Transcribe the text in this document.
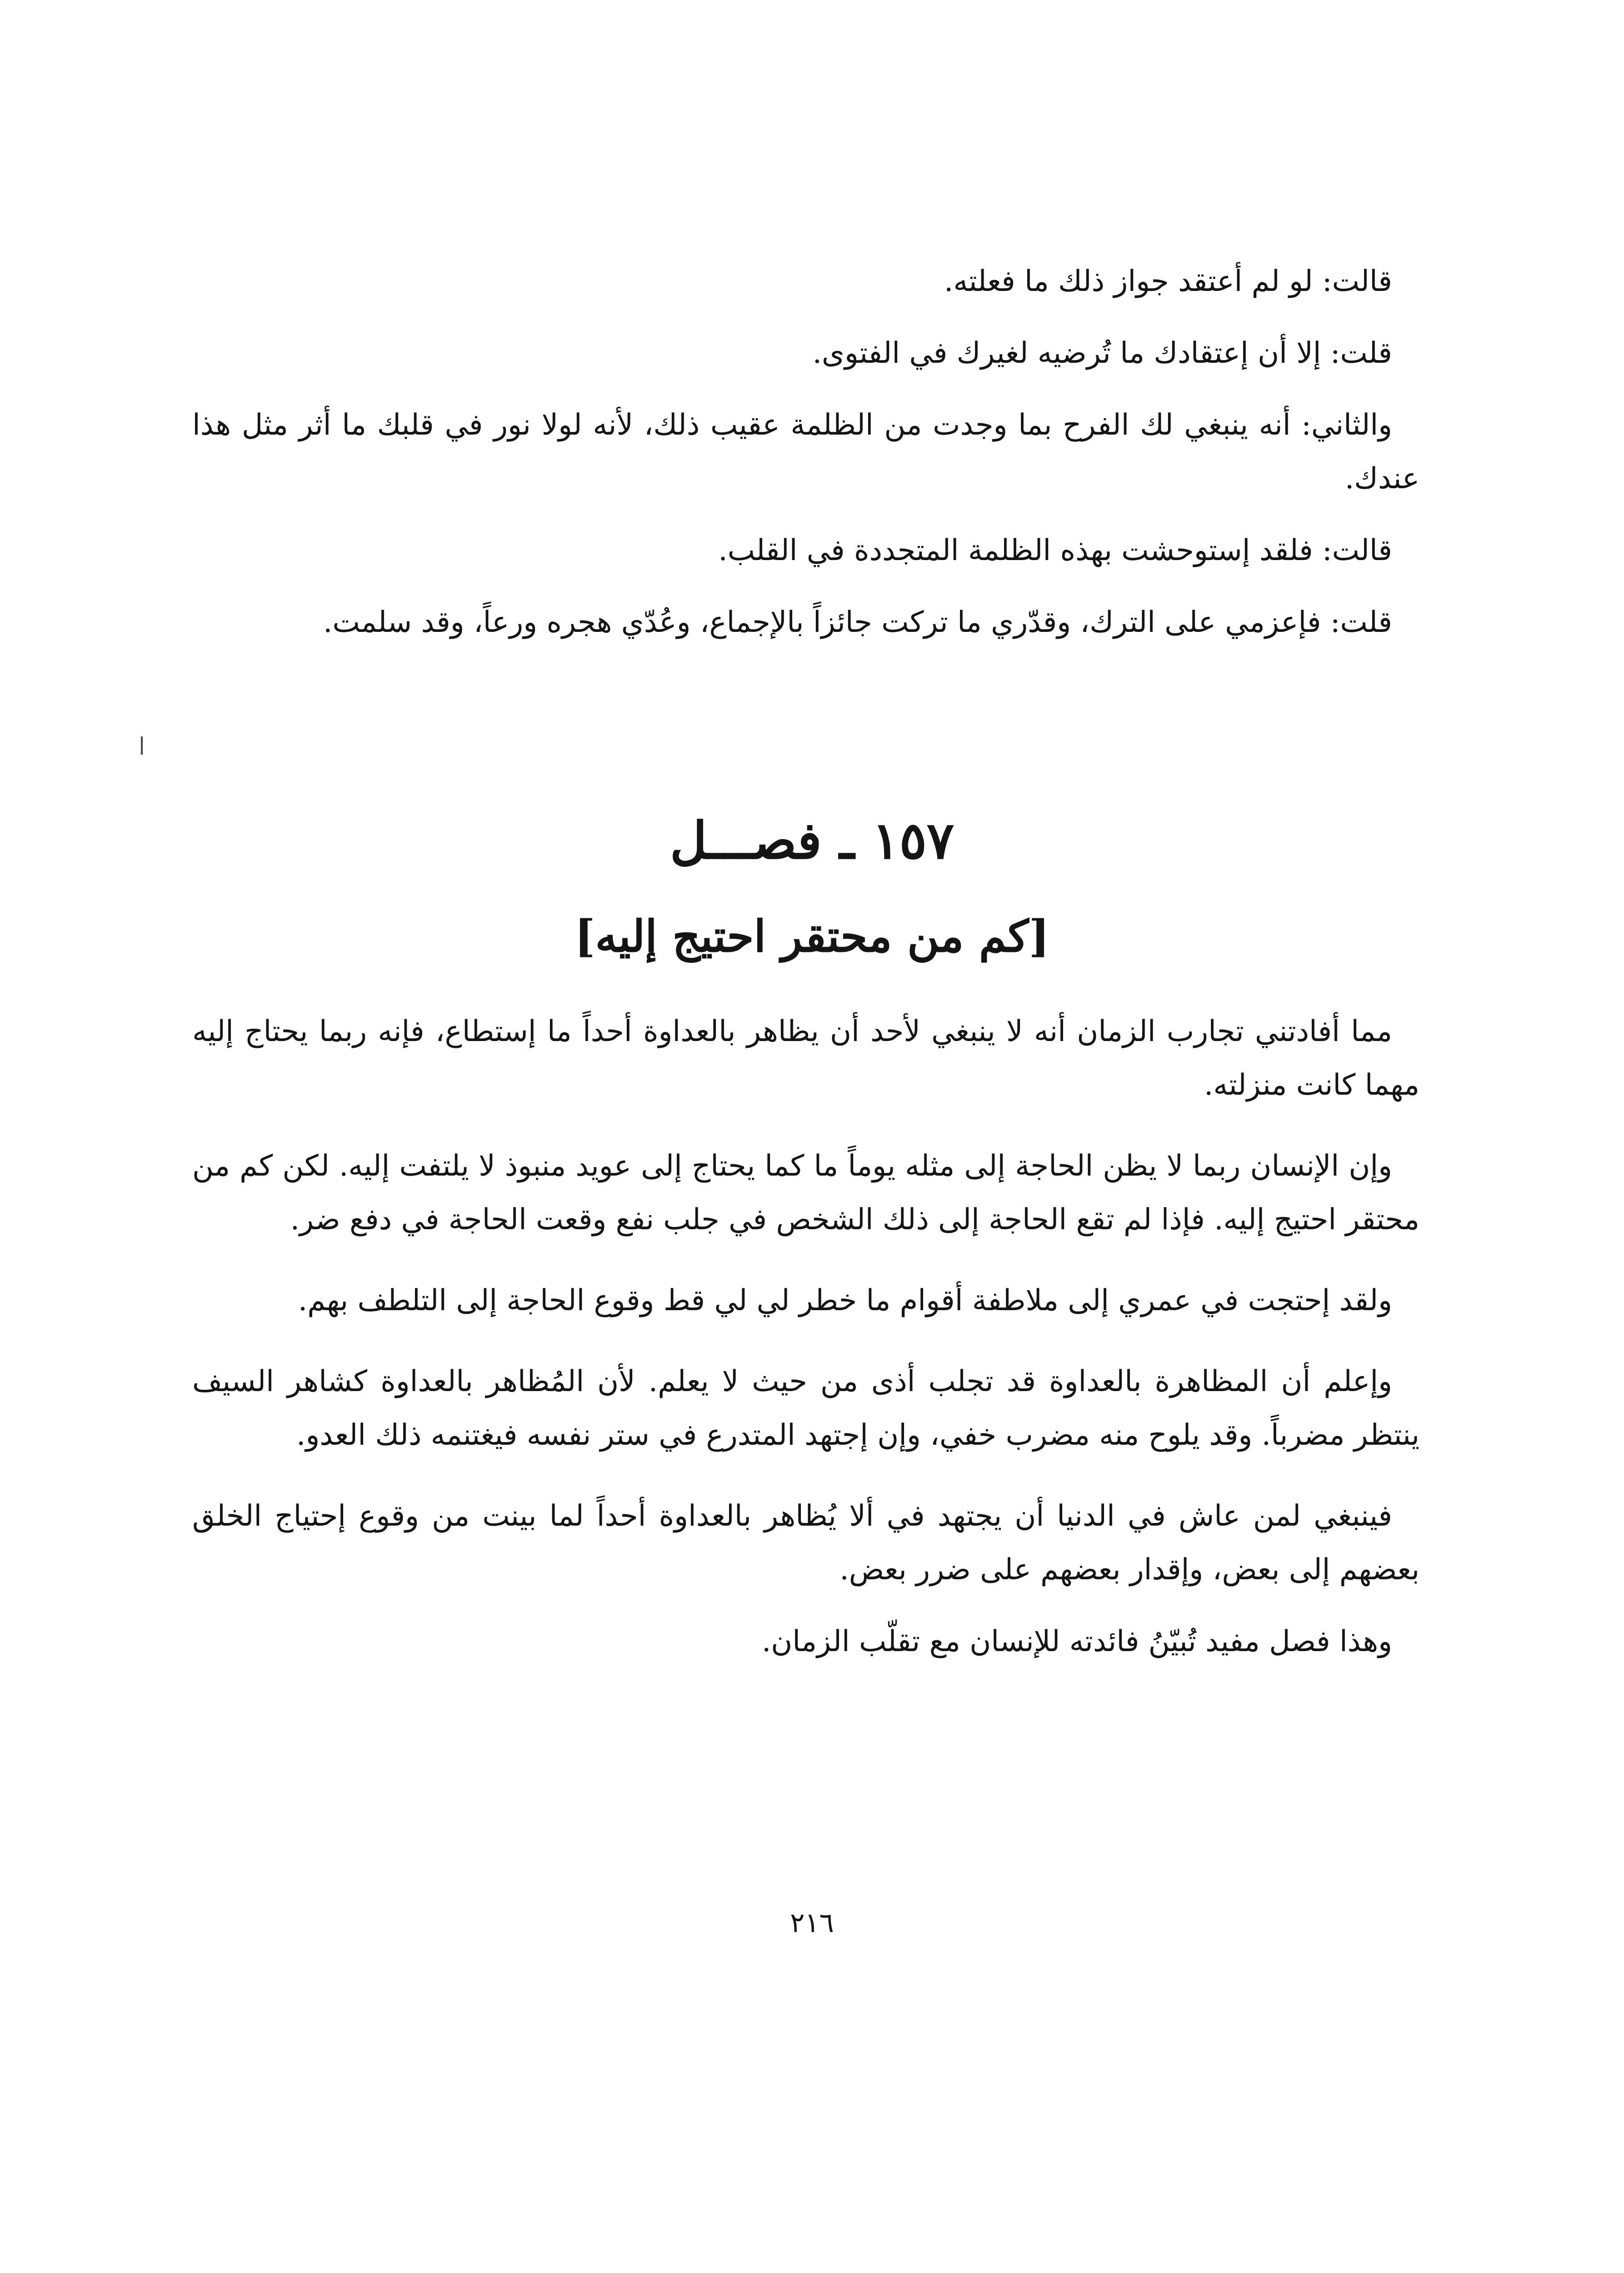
قالت: لو لم أعتقد جواز ذلك ما فعلته.

قلت: إلا أن إعتقادك ما تُرضيه لغيرك في الفتوى.

والثاني: أنه ينبغي لك الفرح بما وجدت من الظلمة عقيب ذلك، لأنه لولا نور في قلبك ما أثر مثل هذا عندك.

قالت: فلقد إستوحشت بهذه الظلمة المتجددة في القلب.

قلت: فإعزمي على الترك، وقدّري ما تركت جائزاً بالإجماع، وعُدّي هجره ورعاً، وقد سلمت.

١٥٧ ـ فصـــل
[كم من محتقر احتيج إليه]

مما أفادتني تجارب الزمان أنه لا ينبغي لأحد أن يظاهر بالعداوة أحداً ما إستطاع، فإنه ربما يحتاج إليه مهما كانت منزلته.

وإن الإنسان ربما لا يظن الحاجة إلى مثله يوماً ما كما يحتاج إلى عويد منبوذ لا يلتفت إليه. لكن كم من محتقر احتيج إليه. فإذا لم تقع الحاجة إلى ذلك الشخص في جلب نفع وقعت الحاجة في دفع ضر.

ولقد إحتجت في عمري إلى ملاطفة أقوام ما خطر لي لي قط وقوع الحاجة إلى التلطف بهم.

وإعلم أن المظاهرة بالعداوة قد تجلب أذى من حيث لا يعلم. لأن المُظاهر بالعداوة كشاهر السيف ينتظر مضرباً. وقد يلوح منه مضرب خفي، وإن إجتهد المتدرع في ستر نفسه فيغتنمه ذلك العدو.

فينبغي لمن عاش في الدنيا أن يجتهد في ألا يُظاهر بالعداوة أحداً لما بينت من وقوع إحتياج الخلق بعضهم إلى بعض، وإقدار بعضهم على ضرر بعض.

وهذا فصل مفيد تُبيّنُ فائدته للإنسان مع تقلّب الزمان.

٢١٦
